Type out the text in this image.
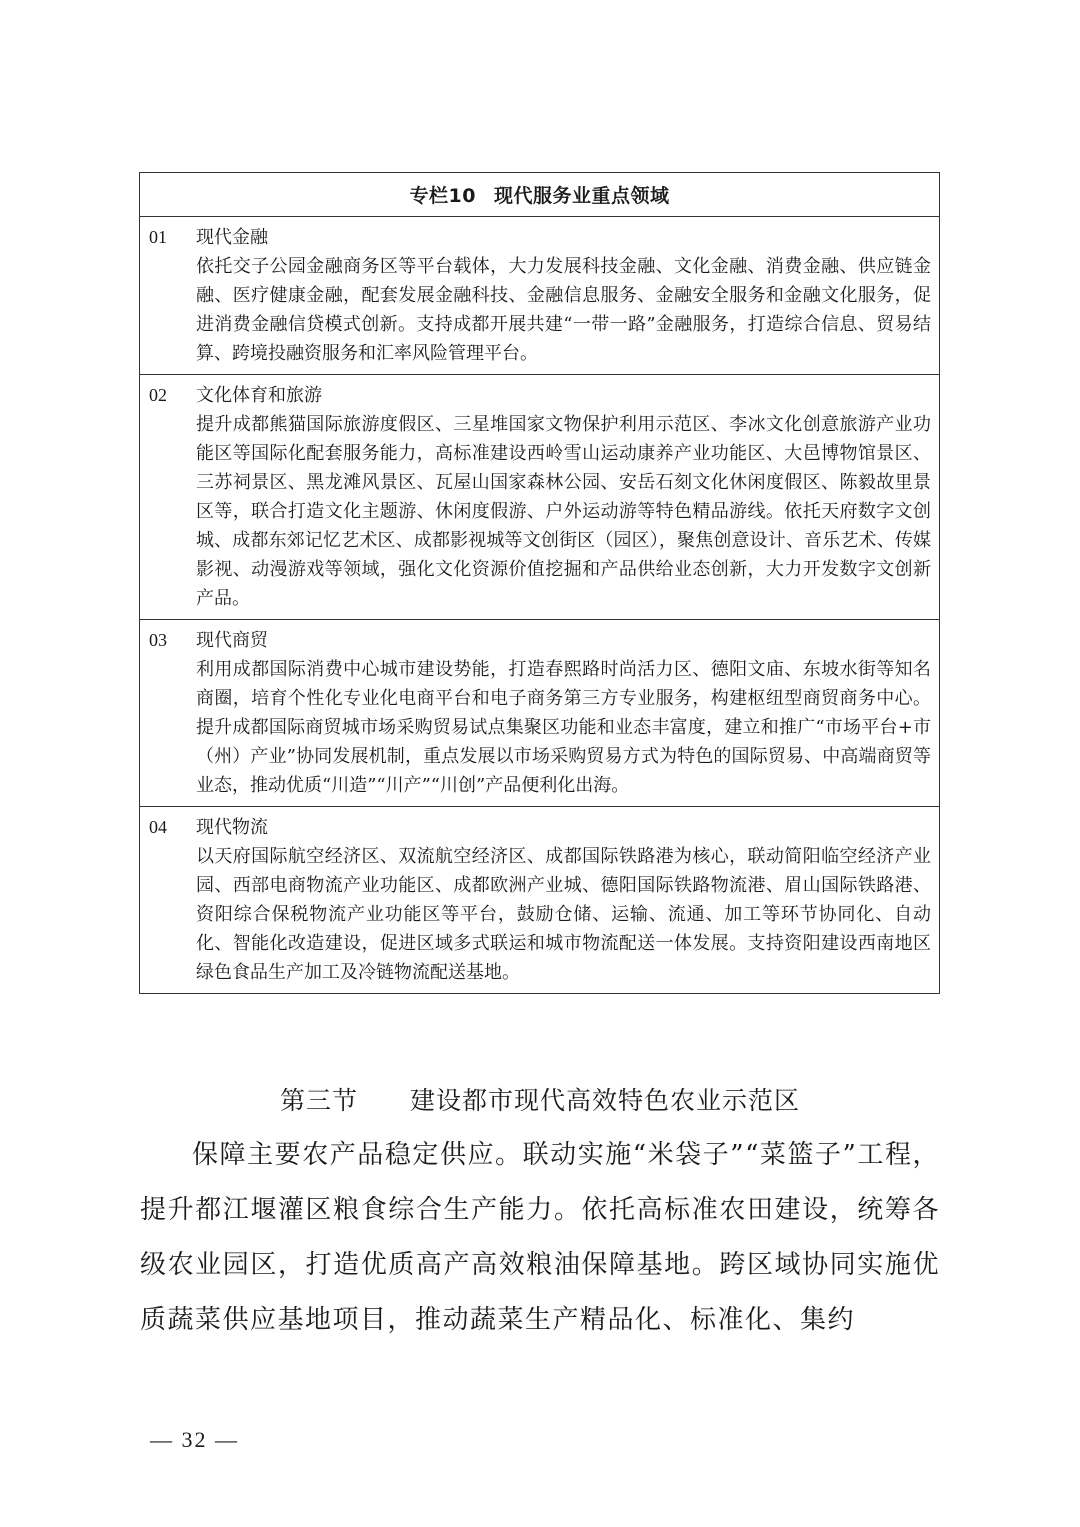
专栏10 现代服务业重点领域
01	现代金融
依托交子公园金融商务区等平台载体，大力发展科技金融、文化金融、消费金融、供应链金融、医疗健康金融，配套发展金融科技、金融信息服务、金融安全服务和金融文化服务，促进消费金融信贷模式创新。支持成都开展共建“一带一路”金融服务，打造综合信息、贸易结算、跨境投融资服务和汇率风险管理平台。
02	文化体育和旅游
提升成都熊猫国际旅游度假区、三星堆国家文物保护利用示范区、李冰文化创意旅游产业功能区等国际化配套服务能力，高标准建设西岭雪山运动康养产业功能区、大邑博物馆景区、三苏祠景区、黑龙滩风景区、瓦屋山国家森林公园、安岳石刻文化休闲度假区、陈毅故里景区等，联合打造文化主题游、休闲度假游、户外运动游等特色精品游线。依托天府数字文创城、成都东郊记忆艺术区、成都影视城等文创街区（园区），聚焦创意设计、音乐艺术、传媒影视、动漫游戏等领域，强化文化资源价值挖掘和产品供给业态创新，大力开发数字文创新产品。
03	现代商贸
利用成都国际消费中心城市建设势能，打造春熙路时尚活力区、德阳文庙、东坡水街等知名商圈，培育个性化专业化电商平台和电子商务第三方专业服务，构建枢纽型商贸商务中心。提升成都国际商贸城市场采购贸易试点集聚区功能和业态丰富度，建立和推广“市场平台+市（州）产业”协同发展机制，重点发展以市场采购贸易方式为特色的国际贸易、中高端商贸等业态，推动优质“川造”“川产”“川创”产品便利化出海。
04	现代物流
以天府国际航空经济区、双流航空经济区、成都国际铁路港为核心，联动简阳临空经济产业园、西部电商物流产业功能区、成都欧洲产业城、德阳国际铁路物流港、眉山国际铁路港、资阳综合保税物流产业功能区等平台，鼓励仓储、运输、流通、加工等环节协同化、自动化、智能化改造建设，促进区域多式联运和城市物流配送一体发展。支持资阳建设西南地区绿色食品生产加工及冷链物流配送基地。
第三节 建设都市现代高效特色农业示范区
保障主要农产品稳定供应。联动实施“米袋子”“菜篮子”工程，提升都江堰灌区粮食综合生产能力。依托高标准农田建设，统筹各级农业园区，打造优质高产高效粮油保障基地。跨区域协同实施优质蔬菜供应基地项目，推动蔬菜生产精品化、标准化、集约
— 32 —
